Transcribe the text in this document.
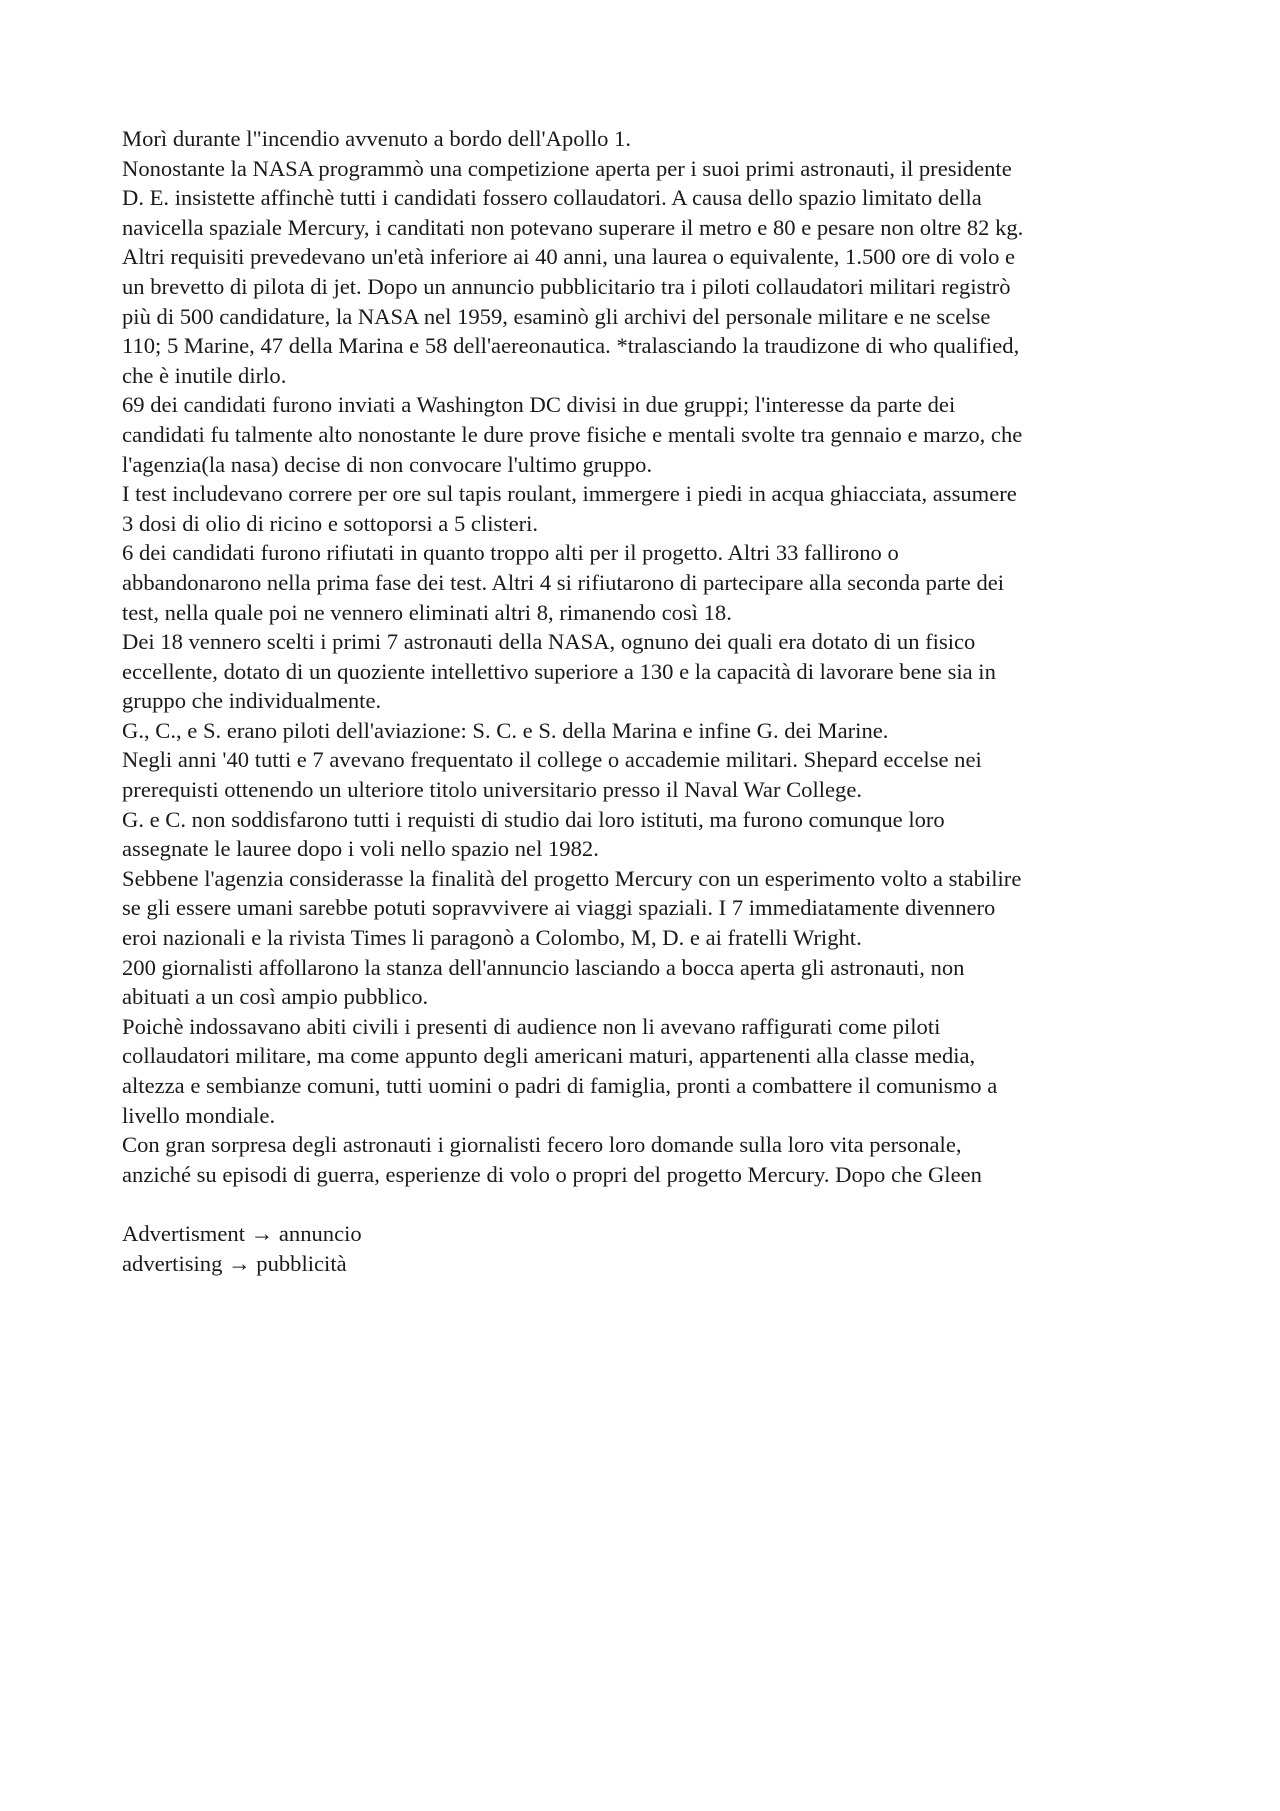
Morì durante l"incendio avvenuto a bordo dell'Apollo 1.
Nonostante la NASA programmò una competizione aperta per i suoi primi astronauti, il presidente
D. E. insistette affinchè tutti i candidati fossero collaudatori. A causa dello spazio limitato della
navicella spaziale Mercury, i canditati non potevano superare il metro e 80 e pesare non oltre 82 kg.
Altri requisiti prevedevano un'età inferiore ai 40 anni, una laurea o equivalente, 1.500 ore di volo e
un brevetto di pilota di jet. Dopo un annuncio pubblicitario tra i piloti collaudatori militari registrò
più di 500 candidature, la NASA nel 1959, esaminò gli archivi del personale militare e ne scelse
110; 5 Marine, 47 della Marina e 58 dell'aereonautica. *tralasciando la traudizone di who qualified,
che è inutile dirlo.
69 dei candidati furono inviati a Washington DC divisi in due gruppi; l'interesse da parte dei
candidati fu talmente alto nonostante le dure prove fisiche e mentali svolte tra gennaio e marzo, che
l'agenzia(la nasa) decise di non convocare l'ultimo gruppo.
I test includevano correre per ore sul tapis roulant, immergere i piedi in acqua ghiacciata, assumere
3 dosi di olio di ricino e sottoporsi a 5 clisteri.
6 dei candidati furono rifiutati in quanto troppo alti per il progetto. Altri 33 fallirono o
abbandonarono nella prima fase dei test. Altri 4 si rifiutarono di partecipare alla seconda parte dei
test, nella quale poi ne vennero eliminati altri 8, rimanendo così 18.
Dei 18 vennero scelti i primi 7 astronauti della NASA, ognuno dei quali era dotato di un fisico
eccellente, dotato di un quoziente intellettivo superiore a 130 e la capacità di lavorare bene sia in
gruppo che individualmente.
G., C., e S. erano piloti dell'aviazione: S. C. e S. della Marina e infine G. dei Marine.
Negli anni '40 tutti e 7 avevano frequentato il college o accademie militari. Shepard eccelse nei
prerequisti ottenendo un ulteriore titolo universitario presso il Naval War College.
G. e C. non soddisfarono tutti i requisti di studio dai loro istituti, ma furono comunque loro
assegnate le lauree dopo i voli nello spazio nel 1982.
Sebbene l'agenzia considerasse la finalità del progetto Mercury con un esperimento volto a stabilire
se gli essere umani sarebbe potuti sopravvivere ai viaggi spaziali. I 7 immediatamente divennero
eroi nazionali e la rivista Times li paragonò a Colombo, M, D. e ai fratelli Wright.
200 giornalisti affollarono la stanza dell'annuncio lasciando a bocca aperta gli astronauti, non
abituati a un così ampio pubblico.
Poichè indossavano abiti civili i presenti di audience non li avevano raffigurati come piloti
collaudatori militare, ma come appunto degli americani maturi, appartenenti alla classe media,
altezza e sembianze comuni, tutti uomini o padri di famiglia, pronti a combattere il comunismo a
livello mondiale.
Con gran sorpresa degli astronauti i giornalisti fecero loro domande sulla loro vita personale,
anziché su episodi di guerra, esperienze di volo o propri del progetto Mercury. Dopo che Gleen
Advertisment → annuncio
advertising → pubblicità
